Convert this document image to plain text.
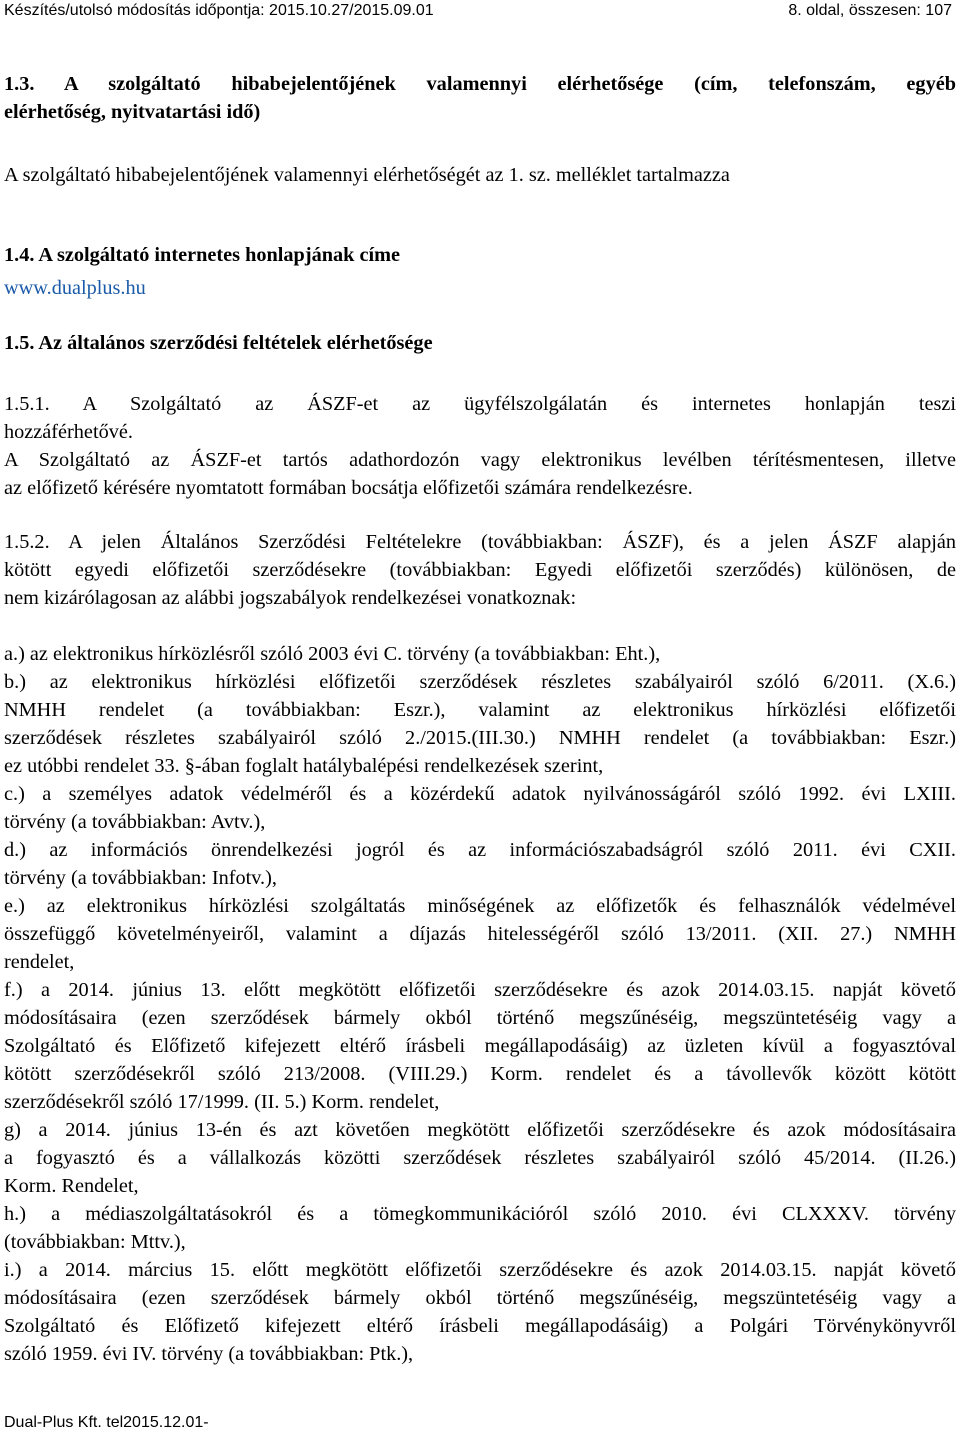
Készítés/utolsó módosítás időpontja: 2015.10.27/2015.09.01	8. oldal, összesen: 107
1.3. A szolgáltató hibabejelentőjének valamennyi elérhetősége (cím, telefonszám, egyéb
elérhetőség, nyitvatartási idő)

A szolgáltató hibabejelentőjének valamennyi elérhetőségét az 1. sz. melléklet tartalmazza

1.4. A szolgáltató internetes honlapjának címe
www.dualplus.hu
1.5. Az általános szerződési feltételek elérhetősége
1.5.1. A Szolgáltató az ÁSZF-et az ügyfélszolgálatán és internetes honlapján teszi
hozzáférhetővé.
A Szolgáltató az ÁSZF-et tartós adathordozón vagy elektronikus levélben térítésmentesen, illetve
az előfizető kérésére nyomtatott formában bocsátja előfizetői számára rendelkezésre.
1.5.2. A jelen Általános Szerződési Feltételekre (továbbiakban: ÁSZF), és a jelen ÁSZF alapján
kötött egyedi előfizetői szerződésekre (továbbiakban: Egyedi előfizetői szerződés) különösen, de
nem kizárólagosan az alábbi jogszabályok rendelkezései vonatkoznak:
a.) az elektronikus hírközlésről szóló 2003 évi C. törvény (a továbbiakban: Eht.),
b.) az elektronikus hírközlési előfizetői szerződések részletes szabályairól szóló 6/2011. (X.6.)
NMHH rendelet (a továbbiakban: Eszr.), valamint az elektronikus hírközlési előfizetői
szerződések részletes szabályairól szóló 2./2015.(III.30.) NMHH rendelet (a továbbiakban: Eszr.)
ez utóbbi rendelet 33. §-ában foglalt hatálybalépési rendelkezések szerint,
c.) a személyes adatok védelméről és a közérdekű adatok nyilvánosságáról szóló 1992. évi LXIII.
törvény (a továbbiakban: Avtv.),
d.) az információs önrendelkezési jogról és az információszabadságról szóló 2011. évi CXII.
törvény (a továbbiakban: Infotv.),
e.) az elektronikus hírközlési szolgáltatás minőségének az előfizetők és felhasználók védelmével
összefüggő követelményeiről, valamint a díjazás hitelességéről szóló 13/2011. (XII. 27.) NMHH
rendelet,
f.) a 2014. június 13. előtt megkötött előfizetői szerződésekre és azok 2014.03.15. napját követő
módosításaira (ezen szerződések bármely okból történő megszűnéséig, megszüntetéséig vagy a
Szolgáltató és Előfizető kifejezett eltérő írásbeli megállapodásáig) az üzleten kívül a fogyasztóval
kötött szerződésekről szóló 213/2008. (VIII.29.) Korm. rendelet és a távollevők között kötött
szerződésekről szóló 17/1999. (II. 5.) Korm. rendelet,
g) a 2014. június 13-én és azt követően megkötött előfizetői szerződésekre és azok módosításaira
a fogyasztó és a vállalkozás közötti szerződések részletes szabályairól szóló 45/2014. (II.26.)
Korm. Rendelet,
h.) a médiaszolgáltatásokról és a tömegkommunikációról szóló 2010. évi CLXXXV. törvény
(továbbiakban: Mttv.),
i.) a 2014. március 15. előtt megkötött előfizetői szerződésekre és azok 2014.03.15. napját követő
módosításaira (ezen szerződések bármely okból történő megszűnéséig, megszüntetéséig vagy a
Szolgáltató és Előfizető kifejezett eltérő írásbeli megállapodásáig) a Polgári Törvénykönyvről
szóló 1959. évi IV. törvény (a továbbiakban: Ptk.),
Dual-Plus Kft. tel2015.12.01-
